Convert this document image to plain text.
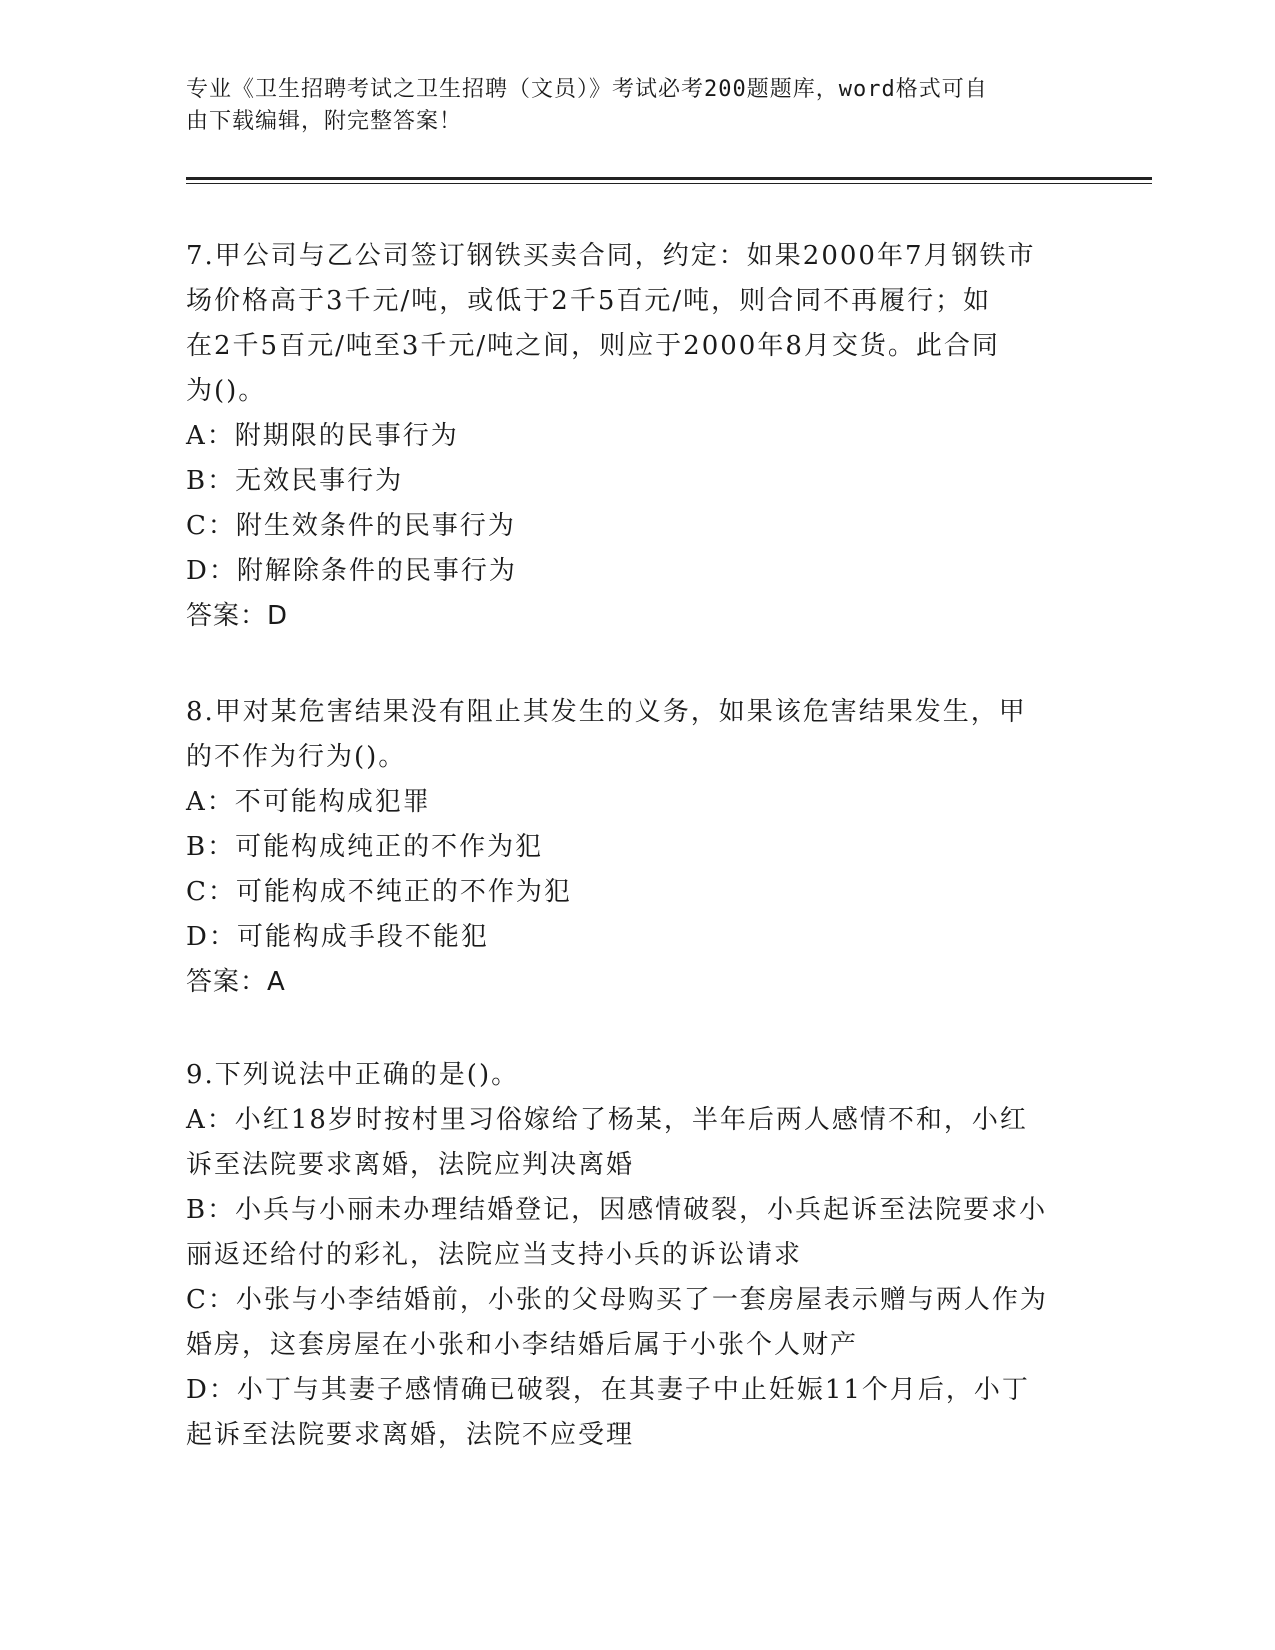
专业《卫生招聘考试之卫生招聘（文员）》考试必考200题题库，word格式可自
由下载编辑，附完整答案！

7.甲公司与乙公司签订钢铁买卖合同，约定：如果2000年7月钢铁市

场价格高于3千元/吨，或低于2千5百元/吨，则合同不再履行；如

在2千5百元/吨至3千元/吨之间，则应于2000年8月交货。此合同

为()。

A：附期限的民事行为

B：无效民事行为

C：附生效条件的民事行为

D：附解除条件的民事行为

答案：D

8.甲对某危害结果没有阻止其发生的义务，如果该危害结果发生，甲

的不作为行为()。

A：不可能构成犯罪

B：可能构成纯正的不作为犯

C：可能构成不纯正的不作为犯

D：可能构成手段不能犯

答案：A

9.下列说法中正确的是()。

A：小红18岁时按村里习俗嫁给了杨某，半年后两人感情不和，小红

诉至法院要求离婚，法院应判决离婚

B：小兵与小丽未办理结婚登记，因感情破裂，小兵起诉至法院要求小

丽返还给付的彩礼，法院应当支持小兵的诉讼请求

C：小张与小李结婚前，小张的父母购买了一套房屋表示赠与两人作为

婚房，这套房屋在小张和小李结婚后属于小张个人财产

D：小丁与其妻子感情确已破裂，在其妻子中止妊娠11个月后，小丁

起诉至法院要求离婚，法院不应受理
